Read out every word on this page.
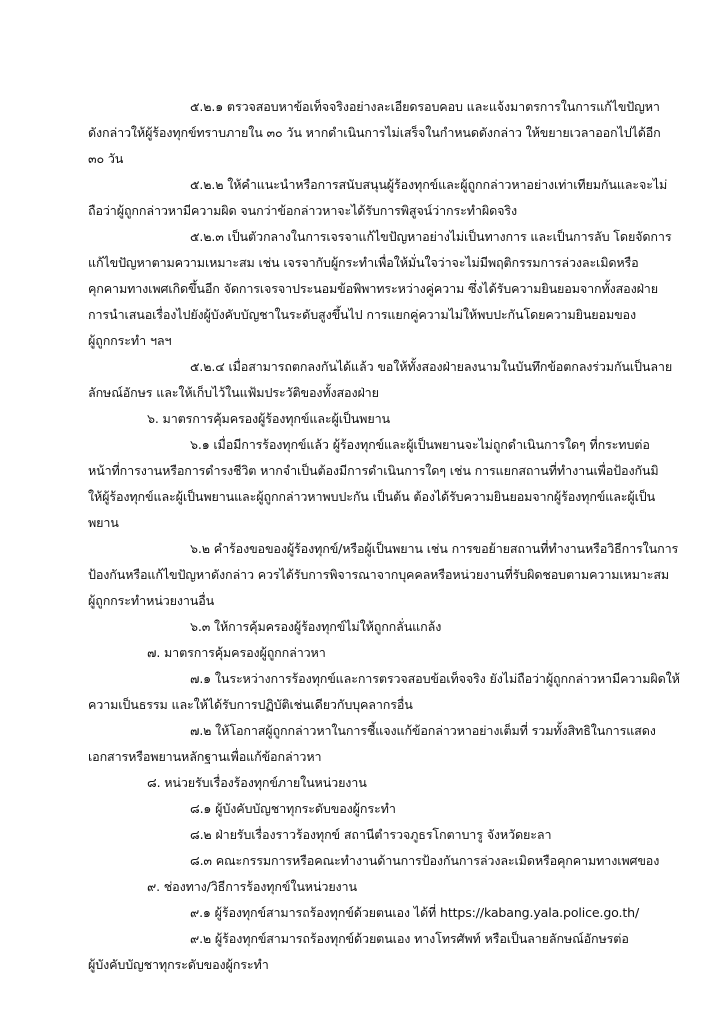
๕.๒.๑ ตรวจสอบหาข้อเท็จจริงอย่างละเอียดรอบคอบ และแจ้งมาตรการในการแก้ไขปัญหา
ดังกล่าวให้ผู้ร้องทุกข์ทราบภายใน ๓๐ วัน หากดำเนินการไม่เสร็จในกำหนดดังกล่าว ให้ขยายเวลาออกไปได้อีก
๓๐ วัน
๕.๒.๒ ให้คำแนะนำหรือการสนับสนุนผู้ร้องทุกข์และผู้ถูกกล่าวหาอย่างเท่าเทียมกันและจะไม่
ถือว่าผู้ถูกกล่าวหามีความผิด จนกว่าข้อกล่าวหาจะได้รับการพิสูจน์ว่ากระทำผิดจริง
๕.๒.๓ เป็นตัวกลางในการเจรจาแก้ไขปัญหาอย่างไม่เป็นทางการ และเป็นการลับ โดยจัดการ
แก้ไขปัญหาตามความเหมาะสม เช่น เจรจากับผู้กระทำเพื่อให้มั่นใจว่าจะไม่มีพฤติกรรมการล่วงละเมิดหรือ
คุกคามทางเพศเกิดขึ้นอีก จัดการเจรจาประนอมข้อพิพาทระหว่างคู่ความ ซึ่งได้รับความยินยอมจากทั้งสองฝ่าย
การนำเสนอเรื่องไปยังผู้บังคับบัญชาในระดับสูงขึ้นไป การแยกคู่ความไม่ให้พบปะกันโดยความยินยอมของ
ผู้ถูกกระทำ ฯลฯ
๕.๒.๔ เมื่อสามารถตกลงกันได้แล้ว ขอให้ทั้งสองฝ่ายลงนามในบันทึกข้อตกลงร่วมกันเป็นลาย
ลักษณ์อักษร และให้เก็บไว้ในแฟ้มประวัติของทั้งสองฝ่าย
๖. มาตรการคุ้มครองผู้ร้องทุกข์และผู้เป็นพยาน
๖.๑ เมื่อมีการร้องทุกข์แล้ว ผู้ร้องทุกข์และผู้เป็นพยานจะไม่ถูกดำเนินการใดๆ ที่กระทบต่อ
หน้าที่การงานหรือการดำรงชีวิต หากจำเป็นต้องมีการดำเนินการใดๆ เช่น การแยกสถานที่ทำงานเพื่อป้องกันมิ
ให้ผู้ร้องทุกข์และผู้เป็นพยานและผู้ถูกกล่าวหาพบปะกัน เป็นต้น ต้องได้รับความยินยอมจากผู้ร้องทุกข์และผู้เป็น
พยาน
๖.๒ คำร้องขอของผู้ร้องทุกข์/หรือผู้เป็นพยาน เช่น การขอย้ายสถานที่ทำงานหรือวิธีการในการ
ป้องกันหรือแก้ไขปัญหาดังกล่าว ควรได้รับการพิจารณาจากบุคคลหรือหน่วยงานที่รับผิดชอบตามความเหมาะสม
ผู้ถูกกระทำหน่วยงานอื่น
๖.๓ ให้การคุ้มครองผู้ร้องทุกข์ไม่ให้ถูกกลั่นแกล้ง
๗. มาตรการคุ้มครองผู้ถูกกล่าวหา
๗.๑ ในระหว่างการร้องทุกข์และการตรวจสอบข้อเท็จจริง ยังไม่ถือว่าผู้ถูกกล่าวหามีความผิดให้
ความเป็นธรรม และให้ได้รับการปฏิบัติเช่นเดียวกับบุคลากรอื่น
๗.๒ ให้โอกาสผู้ถูกกล่าวหาในการชี้แจงแก้ข้อกล่าวหาอย่างเต็มที่ รวมทั้งสิทธิในการแสดง
เอกสารหรือพยานหลักฐานเพื่อแก้ข้อกล่าวหา
๘. หน่วยรับเรื่องร้องทุกข์ภายในหน่วยงาน
๘.๑ ผู้บังคับบัญชาทุกระดับของผู้กระทำ
๘.๒ ฝ่ายรับเรื่องราวร้องทุกข์ สถานีตำรวจภูธรโกตาบารู จังหวัดยะลา
๘.๓ คณะกรรมการหรือคณะทำงานด้านการป้องกันการล่วงละเมิดหรือคุกคามทางเพศของ
๙. ช่องทาง/วิธีการร้องทุกข์ในหน่วยงาน
๙.๑ ผู้ร้องทุกข์สามารถร้องทุกข์ด้วยตนเอง ได้ที่ https://kabang.yala.police.go.th/
๙.๒ ผู้ร้องทุกข์สามารถร้องทุกข์ด้วยตนเอง ทางโทรศัพท์ หรือเป็นลายลักษณ์อักษรต่อ
ผู้บังคับบัญชาทุกระดับของผู้กระทำ
